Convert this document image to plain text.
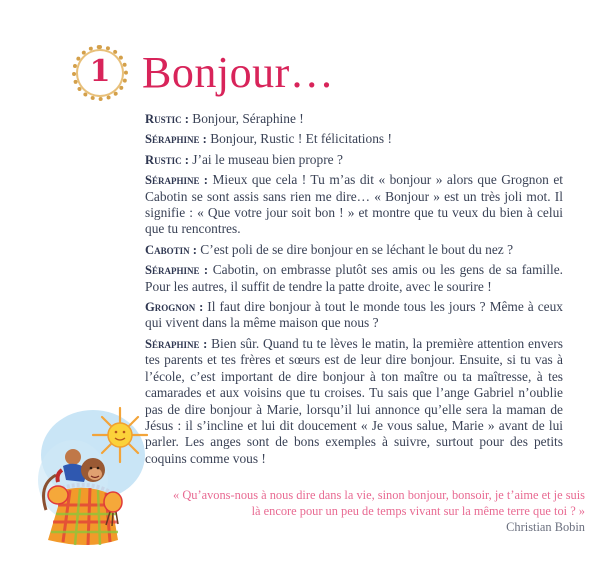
1 Bonjour…

Rustic : Bonjour, Séraphine !

Séraphine : Bonjour, Rustic ! Et félicitations !

Rustic : J’ai le museau bien propre ?

Séraphine : Mieux que cela ! Tu m’as dit « bonjour » alors que Grognon et Cabotin se sont assis sans rien me dire… « Bonjour » est un très joli mot. Il signifie : « Que votre jour soit bon ! » et montre que tu veux du bien à celui que tu rencontres.

Cabotin : C’est poli de se dire bonjour en se léchant le bout du nez ?

Séraphine : Cabotin, on embrasse plutôt ses amis ou les gens de sa famille. Pour les autres, il suffit de tendre la patte droite, avec le sourire !

Grognon : Il faut dire bonjour à tout le monde tous les jours ? Même à ceux qui vivent dans la même maison que nous ?

Séraphine : Bien sûr. Quand tu te lèves le matin, la première attention envers tes parents et tes frères et sœurs est de leur dire bonjour. Ensuite, si tu vas à l’école, c’est important de dire bonjour à ton maître ou ta maîtresse, à tes camarades et aux voisins que tu croises. Tu sais que l’ange Gabriel n’oublie pas de dire bonjour à Marie, lorsqu’il lui annonce qu’elle sera la maman de Jésus : il s’incline et lui dit doucement « Je vous salue, Marie » avant de lui parler. Les anges sont de bons exemples à suivre, surtout pour des petits coquins comme vous !

« Qu’avons-nous à nous dire dans la vie, sinon bonjour, bonsoir, je t’aime et je suis là encore pour un peu de temps vivant sur la même terre que toi ? »
Christian Bobin
